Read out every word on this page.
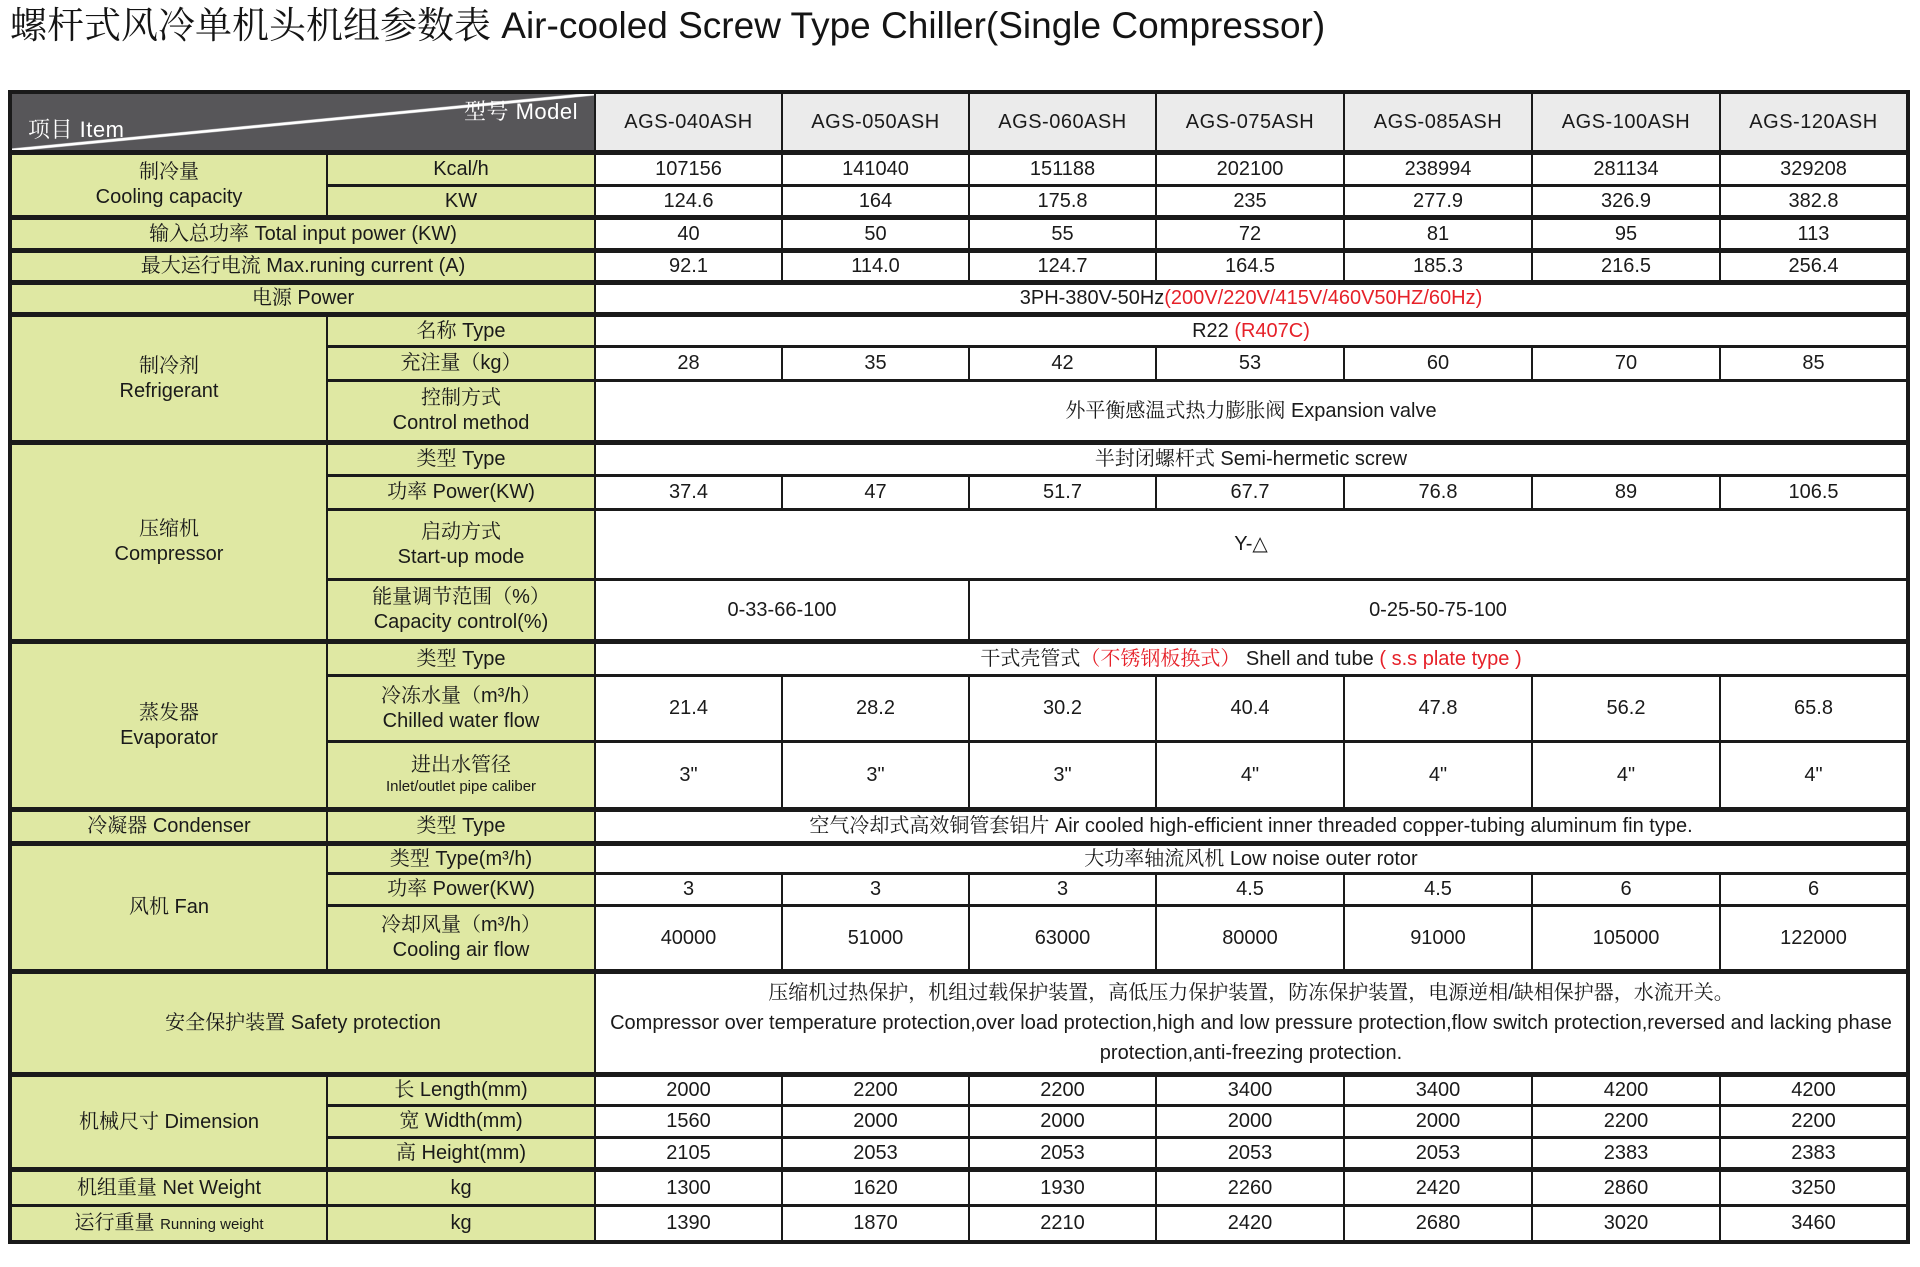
螺杆式风冷单机头机组参数表 Air-cooled Screw Type Chiller(Single Compressor)
型号 Model
项目 Item		AGS-040ASH	AGS-050ASH	AGS-060ASH	AGS-075ASH	AGS-085ASH	AGS-100ASH	AGS-120ASH

制冷量
Cooling capacity	Kcal/h	107156	141040	151188	202100	238994	281134	329208
	KW	124.6	164	175.8	235	277.9	326.9	382.8
输入总功率 Total input power (KW)		40	50	55	72	81	95	113
最大运行电流 Max.runing current (A)		92.1	114.0	124.7	164.5	185.3	216.5	256.4
电源 Power		3PH-380V-50Hz(200V/220V/415V/460V50HZ/60Hz)						

制冷剂
Refrigerant	名称 Type	R22 (R407C)						
	充注量（kg）	28	35	42	53	60	70	85

	控制方式
Control method	外平衡感温式热力膨胀阀 Expansion valve						

压缩机
Compressor	类型 Type	半封闭螺杆式 Semi-hermetic screw						
	功率 Power(KW)	37.4	47	51.7	67.7	76.8	89	106.5

	启动方式
Start-up mode	Y-△						

	能量调节范围（%）
Capacity control(%)	0-33-66-100		0-25-50-75-100				

蒸发器
Evaporator	类型 Type	干式壳管式（不锈钢板换式） Shell and tube ( s.s plate type )						

	冷冻水量（m³/h）
Chilled water flow	21.4	28.2	30.2	40.4	47.8	56.2	65.8

	进出水管径
Inlet/outlet pipe caliber	3"	3"	3"	4"	4"	4"	4"
冷凝器 Condenser	类型 Type	空气冷却式高效铜管套铝片 Air cooled high-efficient inner threaded copper-tubing aluminum fin type.						
风机 Fan	类型 Type(m³/h)	大功率轴流风机 Low noise outer rotor						
	功率 Power(KW)	3	3	3	4.5	4.5	6	6

	冷却风量（m³/h）
Cooling air flow	40000	51000	63000	80000	91000	105000	122000
安全保护装置 Safety protection		压缩机过热保护，机组过载保护装置，高低压力保护装置，防冻保护装置，电源逆相/缺相保护器，水流开关。
Compressor over temperature protection,over load protection,high and low pressure protection,flow switch protection,reversed and lacking phase protection,anti-freezing protection.						

机械尺寸 Dimension	长 Length(mm)	2000	2200	2200	3400	3400	4200	4200
	宽 Width(mm)	1560	2000	2000	2000	2000	2200	2200
	高 Height(mm)	2105	2053	2053	2053	2053	2383	2383
机组重量 Net Weight	kg	1300	1620	1930	2260	2420	2860	3250
运行重量 Running weight	kg	1390	1870	2210	2420	2680	3020	3460
